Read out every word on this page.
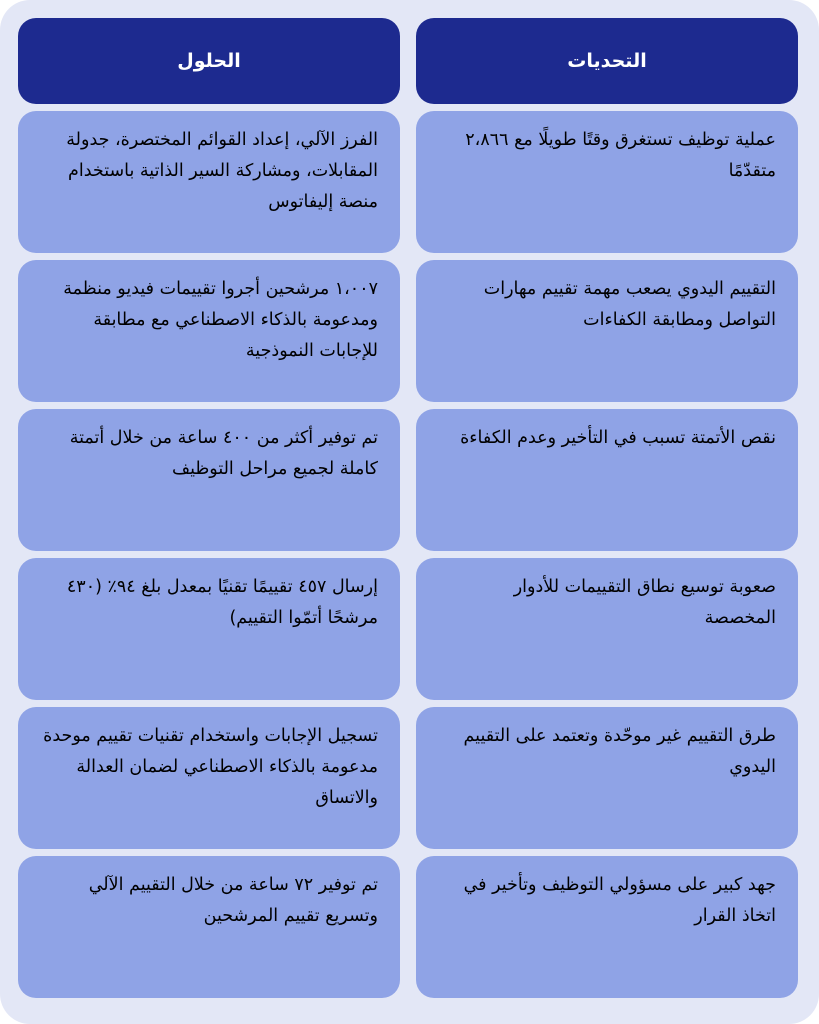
الحلول	التحديات
الفرز الآلي، إعداد القوائم المختصرة، جدولة المقابلات، ومشاركة السير الذاتية باستخدام منصة إليفاتوس
عملية توظيف تستغرق وقتًا طويلًا مع ٢،٨٦٦ متقدّمًا
١،٠٠٧ مرشحين أجروا تقييمات فيديو منظمة ومدعومة بالذكاء الاصطناعي مع مطابقة للإجابات النموذجية
التقييم اليدوي يصعب مهمة تقييم مهارات التواصل ومطابقة الكفاءات
تم توفير أكثر من ٤٠٠ ساعة من خلال أتمتة كاملة لجميع مراحل التوظيف
نقص الأتمتة تسبب في التأخير وعدم الكفاءة
إرسال ٤٥٧ تقييمًا تقنيًا بمعدل بلغ ٩٤٪ (٤٣٠ مرشحًا أتمّوا التقييم)
صعوبة توسيع نطاق التقييمات للأدوار المخصصة
تسجيل الإجابات واستخدام تقنيات تقييم موحدة مدعومة بالذكاء الاصطناعي لضمان العدالة والاتساق
طرق التقييم غير موحّدة وتعتمد على التقييم اليدوي
تم توفير ٧٢ ساعة من خلال التقييم الآلي وتسريع تقييم المرشحين
جهد كبير على مسؤولي التوظيف وتأخير في اتخاذ القرار
